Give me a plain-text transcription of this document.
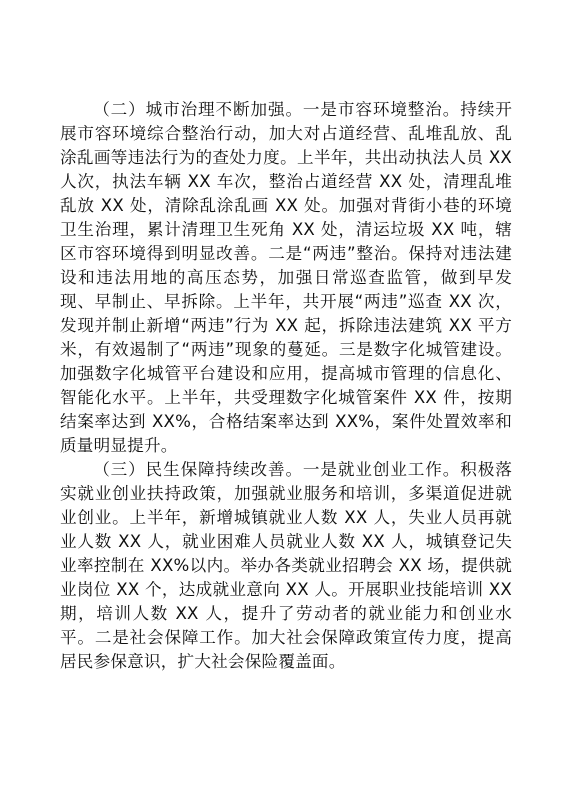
（二）城市治理不断加强。一是市容环境整治。持续开展市容环境综合整治行动，加大对占道经营、乱堆乱放、乱涂乱画等违法行为的查处力度。上半年，共出动执法人员 XX 人次，执法车辆 XX 车次，整治占道经营 XX 处，清理乱堆乱放 XX 处，清除乱涂乱画 XX 处。加强对背街小巷的环境卫生治理，累计清理卫生死角 XX 处，清运垃圾 XX 吨，辖区市容环境得到明显改善。二是“两违”整治。保持对违法建设和违法用地的高压态势，加强日常巡查监管，做到早发现、早制止、早拆除。上半年，共开展“两违”巡查 XX 次，发现并制止新增“两违”行为 XX 起，拆除违法建筑 XX 平方米，有效遏制了“两违”现象的蔓延。三是数字化城管建设。加强数字化城管平台建设和应用，提高城市管理的信息化、智能化水平。上半年，共受理数字化城管案件 XX 件，按期结案率达到 XX%，合格结案率达到 XX%，案件处置效率和质量明显提升。

（三）民生保障持续改善。一是就业创业工作。积极落实就业创业扶持政策，加强就业服务和培训，多渠道促进就业创业。上半年，新增城镇就业人数 XX 人，失业人员再就业人数 XX 人，就业困难人员就业人数 XX 人，城镇登记失业率控制在 XX%以内。举办各类就业招聘会 XX 场，提供就业岗位 XX 个，达成就业意向 XX 人。开展职业技能培训 XX 期，培训人数 XX 人，提升了劳动者的就业能力和创业水平。二是社会保障工作。加大社会保障政策宣传力度，提高居民参保意识，扩大社会保险覆盖面。
